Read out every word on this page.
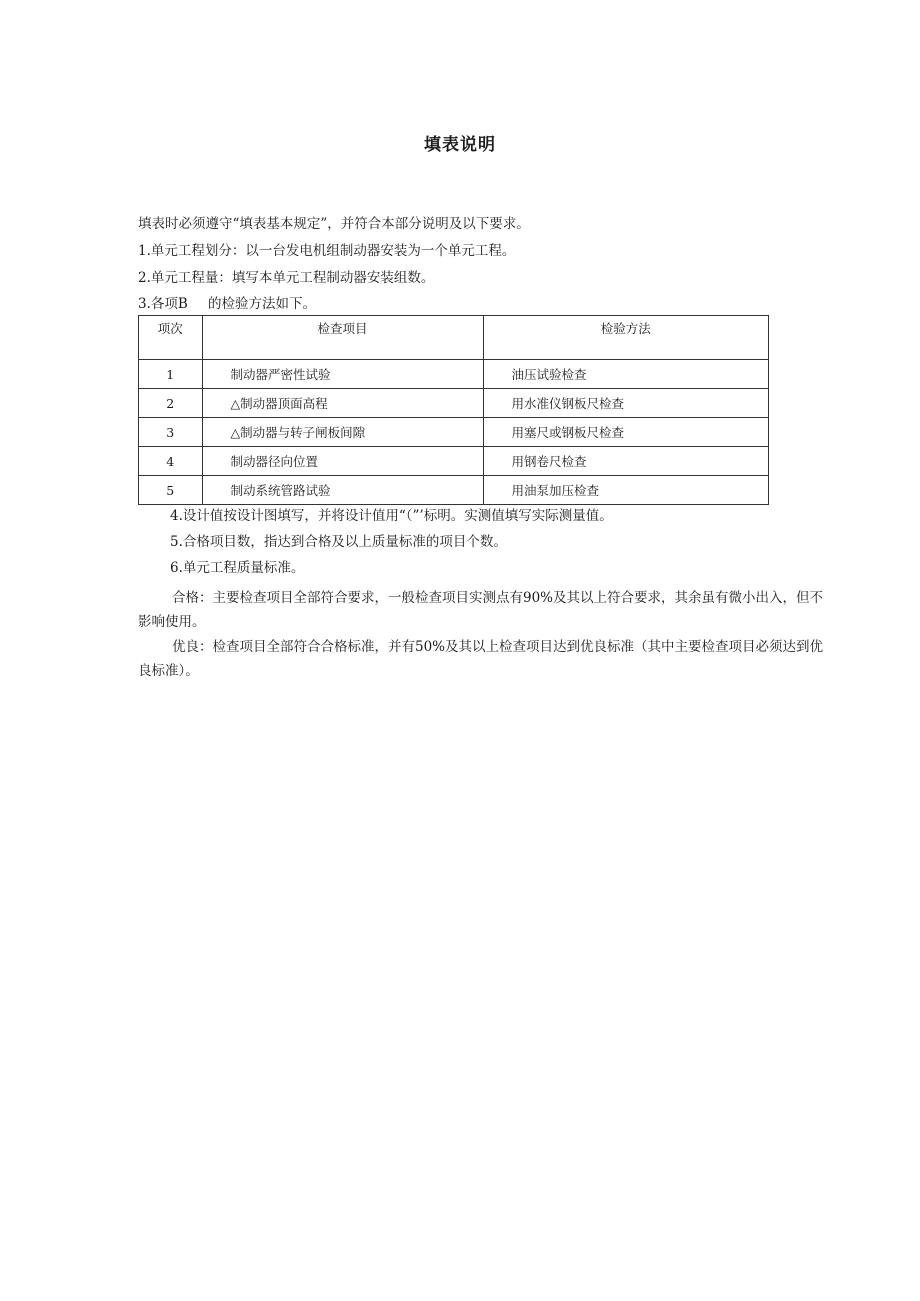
填表说明
填表时必须遵守“填表基本规定”，并符合本部分说明及以下要求。
1.单元工程划分：以一台发电机组制动器安装为一个单元工程。
2.单元工程量：填写本单元工程制动器安装组数。
3.各项B 的检验方法如下。
项次	检查项目	检验方法
1	制动器严密性试验	油压试验检查
2	△制动器顶面高程	用水准仪钢板尺检查
3	△制动器与转子闸板间隙	用塞尺或钢板尺检查
4	制动器径向位置	用钢卷尺检查
5	制动系统管路试验	用油泵加压检查
4.设计值按设计图填写，并将设计值用“（”’标明。实测值填写实际测量值。
5.合格项目数，指达到合格及以上质量标准的项目个数。
6.单元工程质量标准。
合格：主要检查项目全部符合要求，一般检查项目实测点有90%及其以上符合要求，其余虽有微小出入，但不影响使用。
优良：检查项目全部符合合格标准，并有50%及其以上检查项目达到优良标准（其中主要检查项目必须达到优良标准）。
